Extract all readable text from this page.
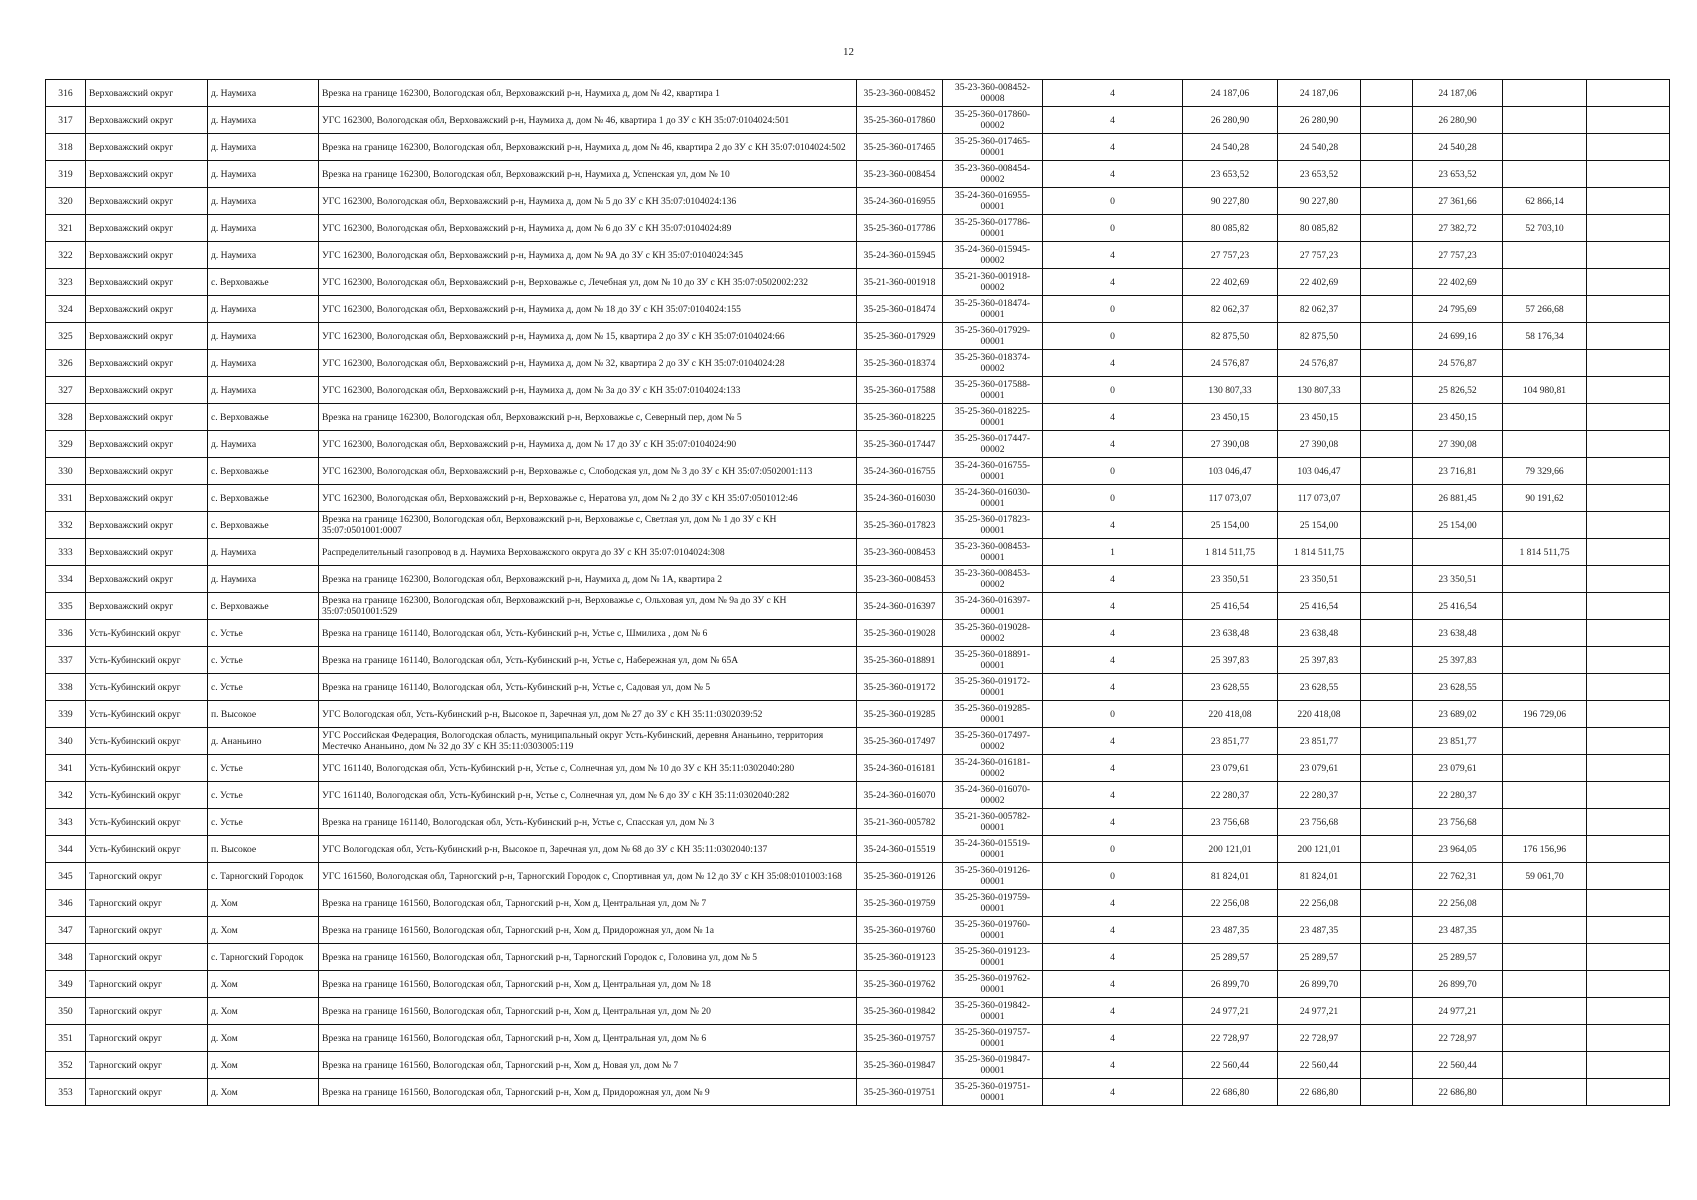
12
316	Верховажский округ	д. Наумиха	Врезка на границе 162300, Вологодская обл, Верховажский р-н, Наумиха д, дом № 42, квартира 1	35-23-360-008452	35-23-360-008452-00008	4	24 187,06	24 187,06		24 187,06		
317	Верховажский округ	д. Наумиха	УГС 162300, Вологодская обл, Верховажский р-н, Наумиха д, дом № 46, квартира 1 до ЗУ с КН 35:07:0104024:501	35-25-360-017860	35-25-360-017860-00002	4	26 280,90	26 280,90		26 280,90		
318	Верховажский округ	д. Наумиха	Врезка на границе 162300, Вологодская обл, Верховажский р-н, Наумиха д, дом № 46, квартира 2 до ЗУ с КН 35:07:0104024:502	35-25-360-017465	35-25-360-017465-00001	4	24 540,28	24 540,28		24 540,28		
319	Верховажский округ	д. Наумиха	Врезка на границе 162300, Вологодская обл, Верховажский р-н, Наумиха д, Успенская ул, дом № 10	35-23-360-008454	35-23-360-008454-00002	4	23 653,52	23 653,52		23 653,52		
320	Верховажский округ	д. Наумиха	УГС 162300, Вологодская обл, Верховажский р-н, Наумиха д, дом № 5 до ЗУ с КН 35:07:0104024:136	35-24-360-016955	35-24-360-016955-00001	0	90 227,80	90 227,80		27 361,66	62 866,14	
321	Верховажский округ	д. Наумиха	УГС 162300, Вологодская обл, Верховажский р-н, Наумиха д, дом № 6 до ЗУ с КН 35:07:0104024:89	35-25-360-017786	35-25-360-017786-00001	0	80 085,82	80 085,82		27 382,72	52 703,10	
322	Верховажский округ	д. Наумиха	УГС 162300, Вологодская обл, Верховажский р-н, Наумиха д, дом № 9А до ЗУ с КН 35:07:0104024:345	35-24-360-015945	35-24-360-015945-00002	4	27 757,23	27 757,23		27 757,23		
323	Верховажский округ	с. Верховажье	УГС 162300, Вологодская обл, Верховажский р-н, Верховажье с, Лечебная ул, дом № 10 до ЗУ с КН 35:07:0502002:232	35-21-360-001918	35-21-360-001918-00002	4	22 402,69	22 402,69		22 402,69		
324	Верховажский округ	д. Наумиха	УГС 162300, Вологодская обл, Верховажский р-н, Наумиха д, дом № 18 до ЗУ с КН 35:07:0104024:155	35-25-360-018474	35-25-360-018474-00001	0	82 062,37	82 062,37		24 795,69	57 266,68	
325	Верховажский округ	д. Наумиха	УГС 162300, Вологодская обл, Верховажский р-н, Наумиха д, дом № 15, квартира 2 до ЗУ с КН 35:07:0104024:66	35-25-360-017929	35-25-360-017929-00001	0	82 875,50	82 875,50		24 699,16	58 176,34	
326	Верховажский округ	д. Наумиха	УГС 162300, Вологодская обл, Верховажский р-н, Наумиха д, дом № 32, квартира 2 до ЗУ с КН 35:07:0104024:28	35-25-360-018374	35-25-360-018374-00002	4	24 576,87	24 576,87		24 576,87		
327	Верховажский округ	д. Наумиха	УГС 162300, Вологодская обл, Верховажский р-н, Наумиха д, дом № 3а до ЗУ с КН 35:07:0104024:133	35-25-360-017588	35-25-360-017588-00001	0	130 807,33	130 807,33		25 826,52	104 980,81	
328	Верховажский округ	с. Верховажье	Врезка на границе 162300, Вологодская обл, Верховажский р-н, Верховажье с, Северный пер, дом № 5	35-25-360-018225	35-25-360-018225-00001	4	23 450,15	23 450,15		23 450,15		
329	Верховажский округ	д. Наумиха	УГС 162300, Вологодская обл, Верховажский р-н, Наумиха д, дом № 17 до ЗУ с КН 35:07:0104024:90	35-25-360-017447	35-25-360-017447-00002	4	27 390,08	27 390,08		27 390,08		
330	Верховажский округ	с. Верховажье	УГС 162300, Вологодская обл, Верховажский р-н, Верховажье с, Слободская ул, дом № 3 до ЗУ с КН 35:07:0502001:113	35-24-360-016755	35-24-360-016755-00001	0	103 046,47	103 046,47		23 716,81	79 329,66	
331	Верховажский округ	с. Верховажье	УГС 162300, Вологодская обл, Верховажский р-н, Верховажье с, Нератова ул, дом № 2 до ЗУ с КН 35:07:0501012:46	35-24-360-016030	35-24-360-016030-00001	0	117 073,07	117 073,07		26 881,45	90 191,62	
332	Верховажский округ	с. Верховажье	Врезка на границе 162300, Вологодская обл, Верховажский р-н, Верховажье с, Светлая ул, дом № 1 до ЗУ с КН 35:07:0501001:0007	35-25-360-017823	35-25-360-017823-00001	4	25 154,00	25 154,00		25 154,00		
333	Верховажский округ	д. Наумиха	Распределительный газопровод в д. Наумиха Верховажского округа до ЗУ с КН 35:07:0104024:308	35-23-360-008453	35-23-360-008453-00001	1	1 814 511,75	1 814 511,75			1 814 511,75	
334	Верховажский округ	д. Наумиха	Врезка на границе 162300, Вологодская обл, Верховажский р-н, Наумиха д, дом № 1А, квартира 2	35-23-360-008453	35-23-360-008453-00002	4	23 350,51	23 350,51		23 350,51		
335	Верховажский округ	с. Верховажье	Врезка на границе 162300, Вологодская обл, Верховажский р-н, Верховажье с, Ольховая ул, дом № 9а до ЗУ с КН 35:07:0501001:529	35-24-360-016397	35-24-360-016397-00001	4	25 416,54	25 416,54		25 416,54		
336	Усть-Кубинский округ	с. Устье	Врезка на границе 161140, Вологодская обл, Усть-Кубинский р-н, Устье с, Шмилиха , дом № 6	35-25-360-019028	35-25-360-019028-00002	4	23 638,48	23 638,48		23 638,48		
337	Усть-Кубинский округ	с. Устье	Врезка на границе 161140, Вологодская обл, Усть-Кубинский р-н, Устье с, Набережная ул, дом № 65А	35-25-360-018891	35-25-360-018891-00001	4	25 397,83	25 397,83		25 397,83		
338	Усть-Кубинский округ	с. Устье	Врезка на границе 161140, Вологодская обл, Усть-Кубинский р-н, Устье с, Садовая ул, дом № 5	35-25-360-019172	35-25-360-019172-00001	4	23 628,55	23 628,55		23 628,55		
339	Усть-Кубинский округ	п. Высокое	УГС Вологодская обл, Усть-Кубинский р-н, Высокое п, Заречная ул, дом № 27 до ЗУ с КН 35:11:0302039:52	35-25-360-019285	35-25-360-019285-00001	0	220 418,08	220 418,08		23 689,02	196 729,06	
340	Усть-Кубинский округ	д. Ананьино	УГС Российская Федерация, Вологодская область, муниципальный округ Усть-Кубинский, деревня Ананьино, территория Местечко Ананьино, дом № 32 до ЗУ с КН 35:11:0303005:119	35-25-360-017497	35-25-360-017497-00002	4	23 851,77	23 851,77		23 851,77		
341	Усть-Кубинский округ	с. Устье	УГС 161140, Вологодская обл, Усть-Кубинский р-н, Устье с, Солнечная ул, дом № 10 до ЗУ с КН 35:11:0302040:280	35-24-360-016181	35-24-360-016181-00002	4	23 079,61	23 079,61		23 079,61		
342	Усть-Кубинский округ	с. Устье	УГС 161140, Вологодская обл, Усть-Кубинский р-н, Устье с, Солнечная ул, дом № 6 до ЗУ с КН 35:11:0302040:282	35-24-360-016070	35-24-360-016070-00002	4	22 280,37	22 280,37		22 280,37		
343	Усть-Кубинский округ	с. Устье	Врезка на границе 161140, Вологодская обл, Усть-Кубинский р-н, Устье с, Спасская ул, дом № 3	35-21-360-005782	35-21-360-005782-00001	4	23 756,68	23 756,68		23 756,68		
344	Усть-Кубинский округ	п. Высокое	УГС Вологодская обл, Усть-Кубинский р-н, Высокое п, Заречная ул, дом № 68 до ЗУ с КН 35:11:0302040:137	35-24-360-015519	35-24-360-015519-00001	0	200 121,01	200 121,01		23 964,05	176 156,96	
345	Тарногский округ	с. Тарногский Городок	УГС 161560, Вологодская обл, Тарногский р-н, Тарногский Городок с, Спортивная ул, дом № 12 до ЗУ с КН 35:08:0101003:168	35-25-360-019126	35-25-360-019126-00001	0	81 824,01	81 824,01		22 762,31	59 061,70	
346	Тарногский округ	д. Хом	Врезка на границе 161560, Вологодская обл, Тарногский р-н, Хом д, Центральная ул, дом № 7	35-25-360-019759	35-25-360-019759-00001	4	22 256,08	22 256,08		22 256,08		
347	Тарногский округ	д. Хом	Врезка на границе 161560, Вологодская обл, Тарногский р-н, Хом д, Придорожная ул, дом № 1а	35-25-360-019760	35-25-360-019760-00001	4	23 487,35	23 487,35		23 487,35		
348	Тарногский округ	с. Тарногский Городок	Врезка на границе 161560, Вологодская обл, Тарногский р-н, Тарногский Городок с, Головина ул, дом № 5	35-25-360-019123	35-25-360-019123-00001	4	25 289,57	25 289,57		25 289,57		
349	Тарногский округ	д. Хом	Врезка на границе 161560, Вологодская обл, Тарногский р-н, Хом д, Центральная ул, дом № 18	35-25-360-019762	35-25-360-019762-00001	4	26 899,70	26 899,70		26 899,70		
350	Тарногский округ	д. Хом	Врезка на границе 161560, Вологодская обл, Тарногский р-н, Хом д, Центральная ул, дом № 20	35-25-360-019842	35-25-360-019842-00001	4	24 977,21	24 977,21		24 977,21		
351	Тарногский округ	д. Хом	Врезка на границе 161560, Вологодская обл, Тарногский р-н, Хом д, Центральная ул, дом № 6	35-25-360-019757	35-25-360-019757-00001	4	22 728,97	22 728,97		22 728,97		
352	Тарногский округ	д. Хом	Врезка на границе 161560, Вологодская обл, Тарногский р-н, Хом д, Новая ул, дом № 7	35-25-360-019847	35-25-360-019847-00001	4	22 560,44	22 560,44		22 560,44		
353	Тарногский округ	д. Хом	Врезка на границе 161560, Вологодская обл, Тарногский р-н, Хом д, Придорожная ул, дом № 9	35-25-360-019751	35-25-360-019751-00001	4	22 686,80	22 686,80		22 686,80		
